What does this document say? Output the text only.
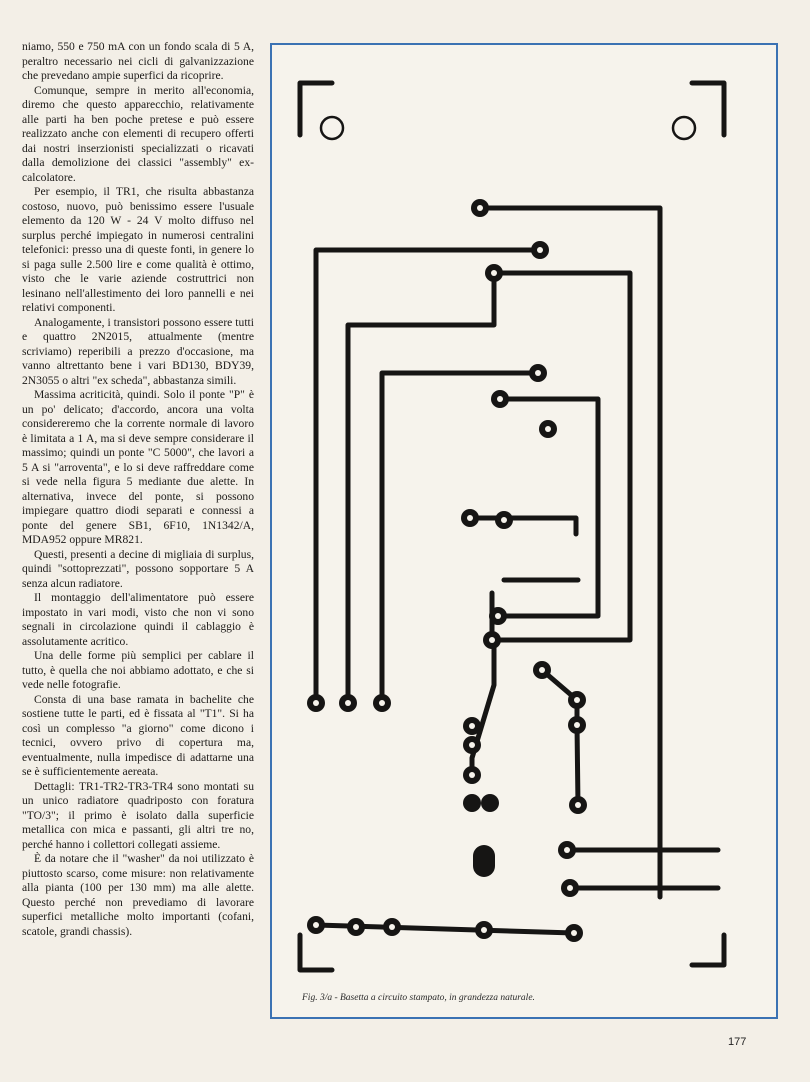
niamo, 550 e 750 mA con un fondo scala di 5 A, peraltro necessario nei cicli di galvanizzazione che prevedano ampie superfici da ricoprire.

Comunque, sempre in merito all'economia, diremo che questo apparecchio, relativamente alle parti ha ben poche pretese e può essere realizzato anche con elementi di recupero offerti dai nostri inserzionisti specializzati o ricavati dalla demolizione dei classici "assembly" ex-calcolatore.

Per esempio, il TR1, che risulta abbastanza costoso, nuovo, può benissimo essere l'usuale elemento da 120 W - 24 V molto diffuso nel surplus perché impiegato in numerosi centralini telefonici: presso una di queste fonti, in genere lo si paga sulle 2.500 lire e come qualità è ottimo, visto che le varie aziende costruttrici non lesinano nell'allestimento dei loro pannelli e nei relativi componenti.

Analogamente, i transistori possono essere tutti e quattro 2N2015, attualmente (mentre scriviamo) reperibili a prezzo d'occasione, ma vanno altrettanto bene i vari BD130, BDY39, 2N3055 o altri "ex scheda", abbastanza simili.

Massima acriticità, quindi. Solo il ponte "P" è un po' delicato; d'accordo, ancora una volta considereremo che la corrente normale di lavoro è limitata a 1 A, ma si deve sempre considerare il massimo; quindi un ponte "C 5000", che lavori a 5 A si "arroventa", e lo si deve raffreddare come si vede nella figura 5 mediante due alette. In alternativa, invece del ponte, si possono impiegare quattro diodi separati e connessi a ponte del genere SB1, 6F10, 1N1342/A, MDA952 oppure MR821.

Questi, presenti a decine di migliaia di surplus, quindi "sottoprezzati", possono sopportare 5 A senza alcun radiatore.

Il montaggio dell'alimentatore può essere impostato in vari modi, visto che non vi sono segnali in circolazione quindi il cablaggio è assolutamente acritico.

Una delle forme più semplici per cablare il tutto, è quella che noi abbiamo adottato, e che si vede nelle fotografie.

Consta di una base ramata in bachelite che sostiene tutte le parti, ed è fissata al "T1". Si ha così un complesso "a giorno" come dicono i tecnici, ovvero privo di copertura ma, eventualmente, nulla impedisce di adattarne una se è sufficientemente aereata.

Dettagli: TR1-TR2-TR3-TR4 sono montati su un unico radiatore quadriposto con foratura "TO/3"; il primo è isolato dalla superficie metallica con mica e passanti, gli altri tre no, perché hanno i collettori collegati assieme.

È da notare che il "washer" da noi utilizzato è piuttosto scarso, come misure: non relativamente alla pianta (100 per 130 mm) ma alle alette. Questo perché non prevediamo di lavorare superfici metalliche molto importanti (cofani, scatole, grandi chassis).

Fig. 3/a - Basetta a circuito stampato, in grandezza naturale.
177
